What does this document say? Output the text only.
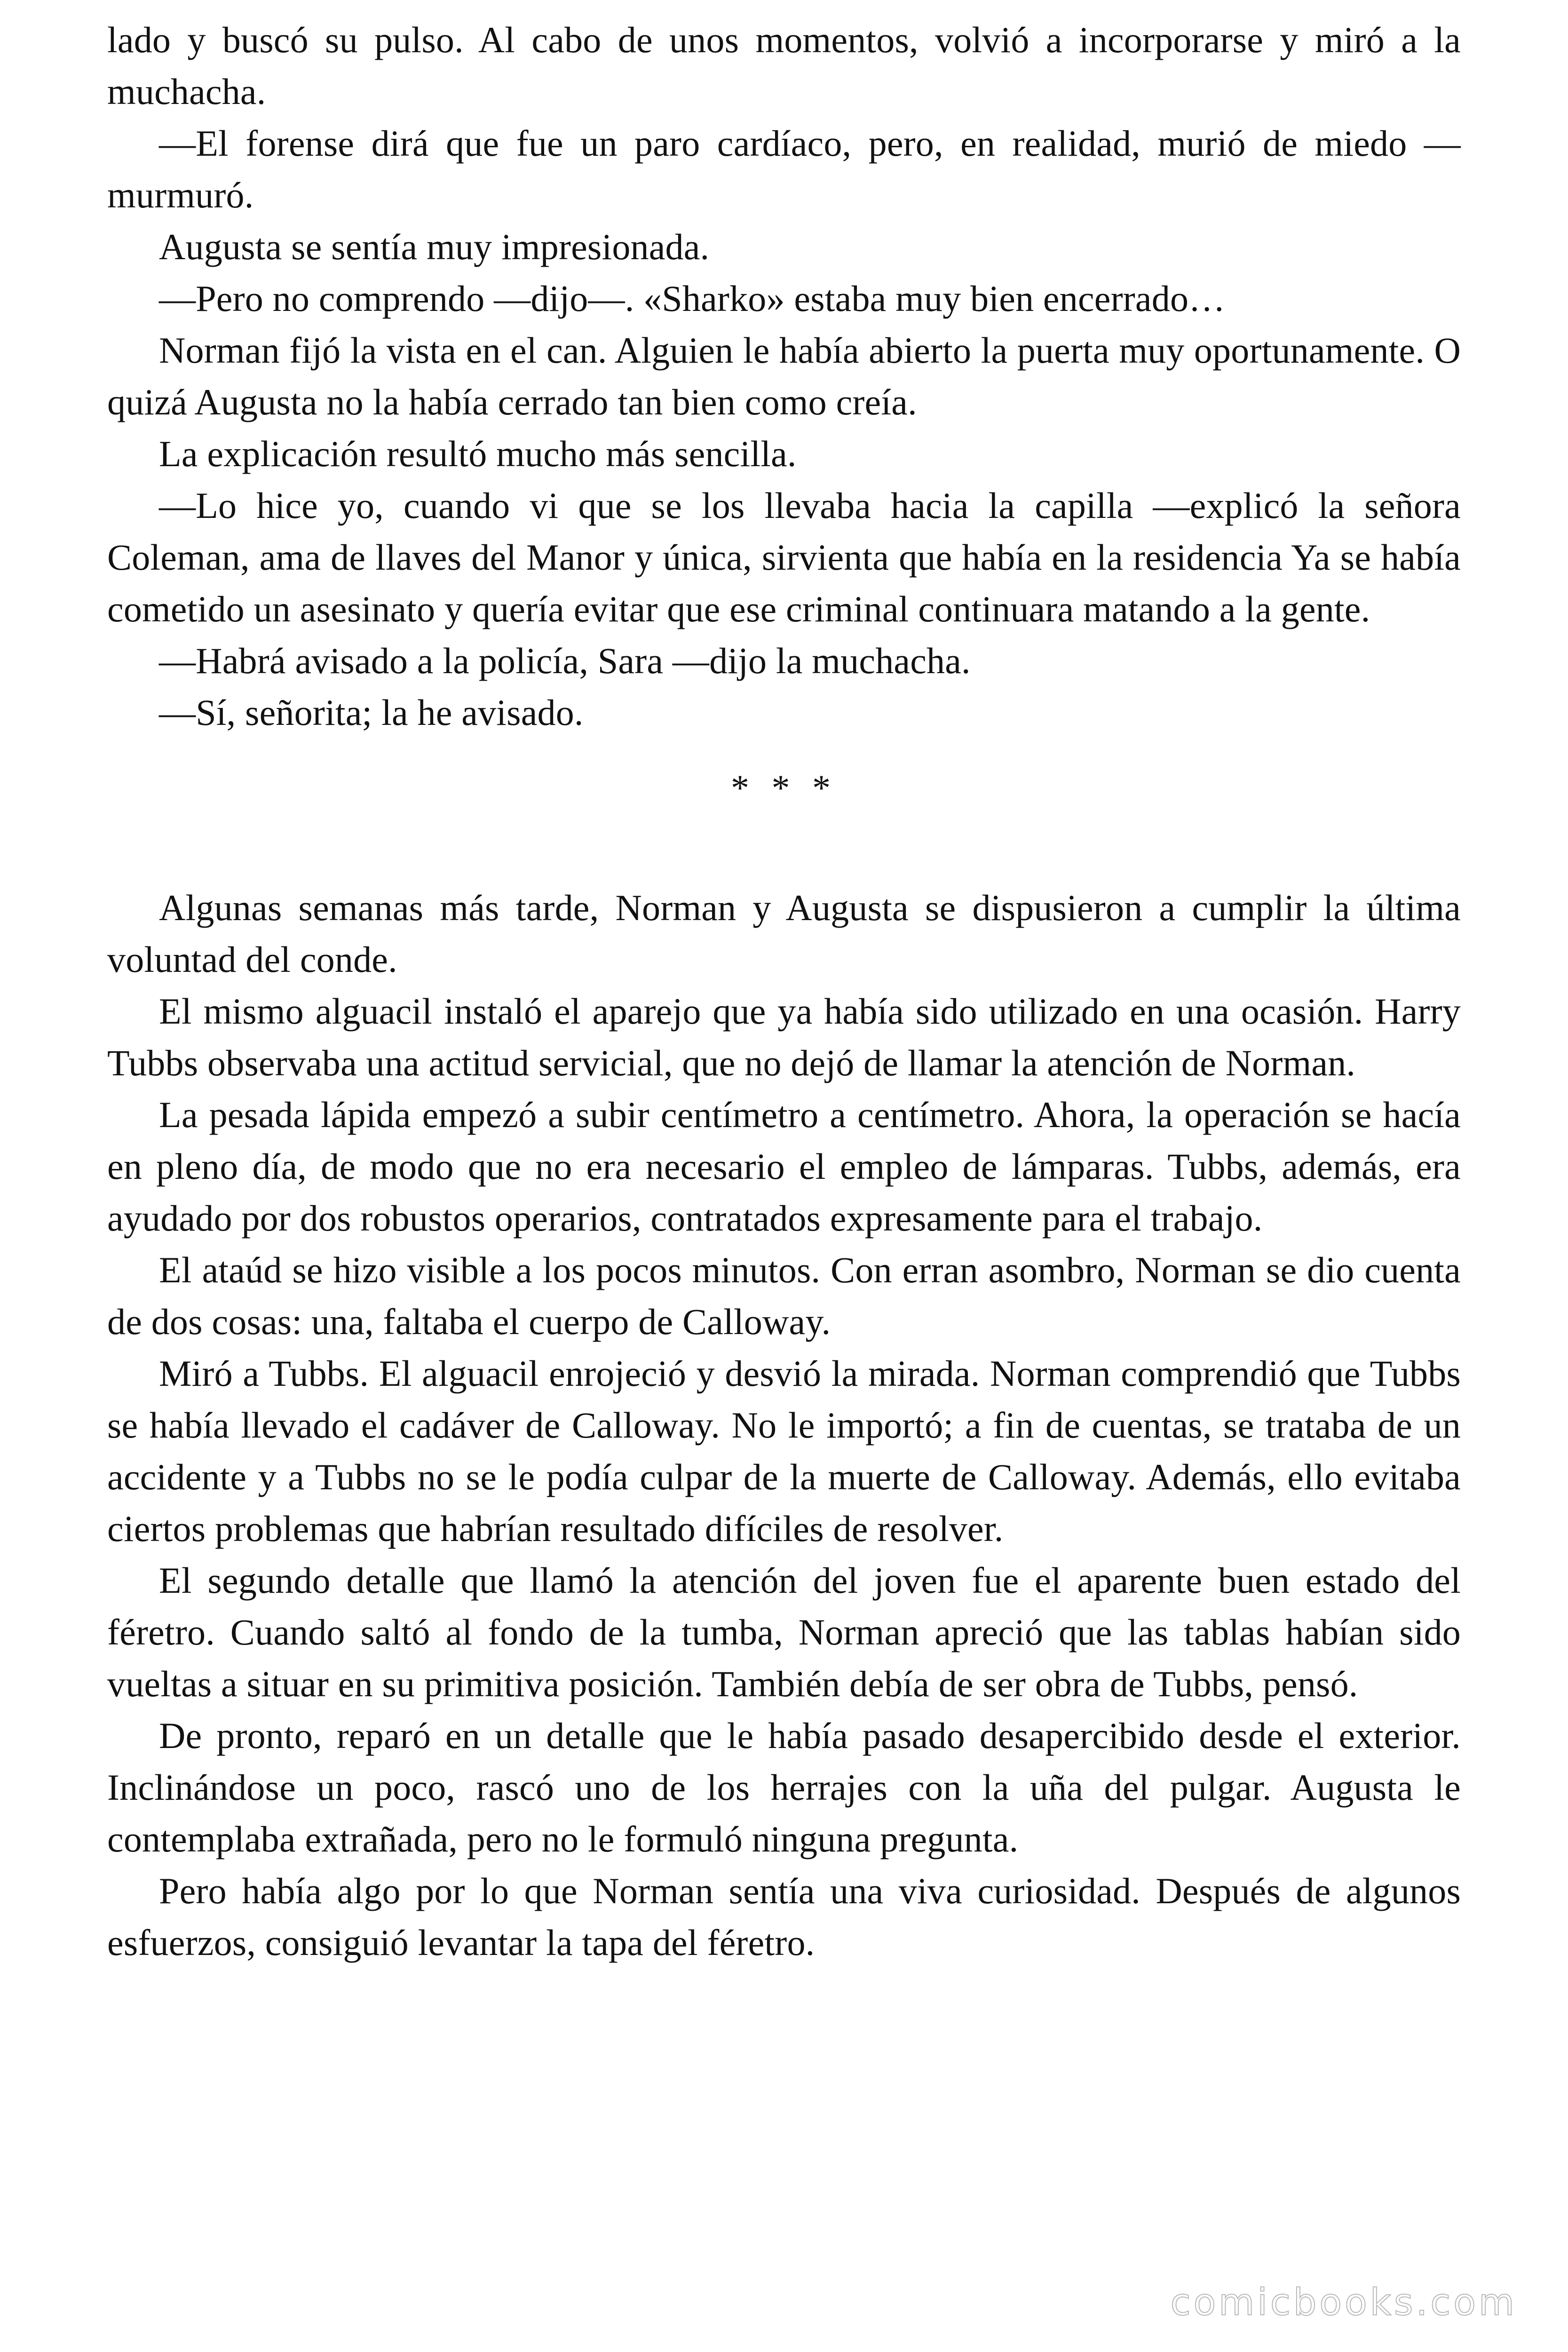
lado y buscó su pulso. Al cabo de unos momentos, volvió a incorporarse y miró a la muchacha.

—El forense dirá que fue un paro cardíaco, pero, en realidad, murió de miedo —murmuró.

Augusta se sentía muy impresionada.

—Pero no comprendo —dijo—. «Sharko» estaba muy bien encerrado…

Norman fijó la vista en el can. Alguien le había abierto la puerta muy oportunamente. O quizá Augusta no la había cerrado tan bien como creía.

La explicación resultó mucho más sencilla.

—Lo hice yo, cuando vi que se los llevaba hacia la capilla —explicó la señora Coleman, ama de llaves del Manor y única, sirvienta que había en la residencia Ya se había cometido un asesinato y quería evitar que ese criminal continuara matando a la gente.

—Habrá avisado a la policía, Sara —dijo la muchacha.

—Sí, señorita; la he avisado.

* * *

Algunas semanas más tarde, Norman y Augusta se dispusieron a cumplir la última voluntad del conde.

El mismo alguacil instaló el aparejo que ya había sido utilizado en una ocasión. Harry Tubbs observaba una actitud servicial, que no dejó de llamar la atención de Norman.

La pesada lápida empezó a subir centímetro a centímetro. Ahora, la operación se hacía en pleno día, de modo que no era necesario el empleo de lámparas. Tubbs, además, era ayudado por dos robustos operarios, contratados expresamente para el trabajo.

El ataúd se hizo visible a los pocos minutos. Con erran asombro, Norman se dio cuenta de dos cosas: una, faltaba el cuerpo de Calloway.

Miró a Tubbs. El alguacil enrojeció y desvió la mirada. Norman comprendió que Tubbs se había llevado el cadáver de Calloway. No le importó; a fin de cuentas, se trataba de un accidente y a Tubbs no se le podía culpar de la muerte de Calloway. Además, ello evitaba ciertos problemas que habrían resultado difíciles de resolver.

El segundo detalle que llamó la atención del joven fue el aparente buen estado del féretro. Cuando saltó al fondo de la tumba, Norman apreció que las tablas habían sido vueltas a situar en su primitiva posición. También debía de ser obra de Tubbs, pensó.

De pronto, reparó en un detalle que le había pasado desapercibido desde el exterior. Inclinándose un poco, rascó uno de los herrajes con la uña del pulgar. Augusta le contemplaba extrañada, pero no le formuló ninguna pregunta.

Pero había algo por lo que Norman sentía una viva curiosidad. Después de algunos esfuerzos, consiguió levantar la tapa del féretro.

comicbooks.com
